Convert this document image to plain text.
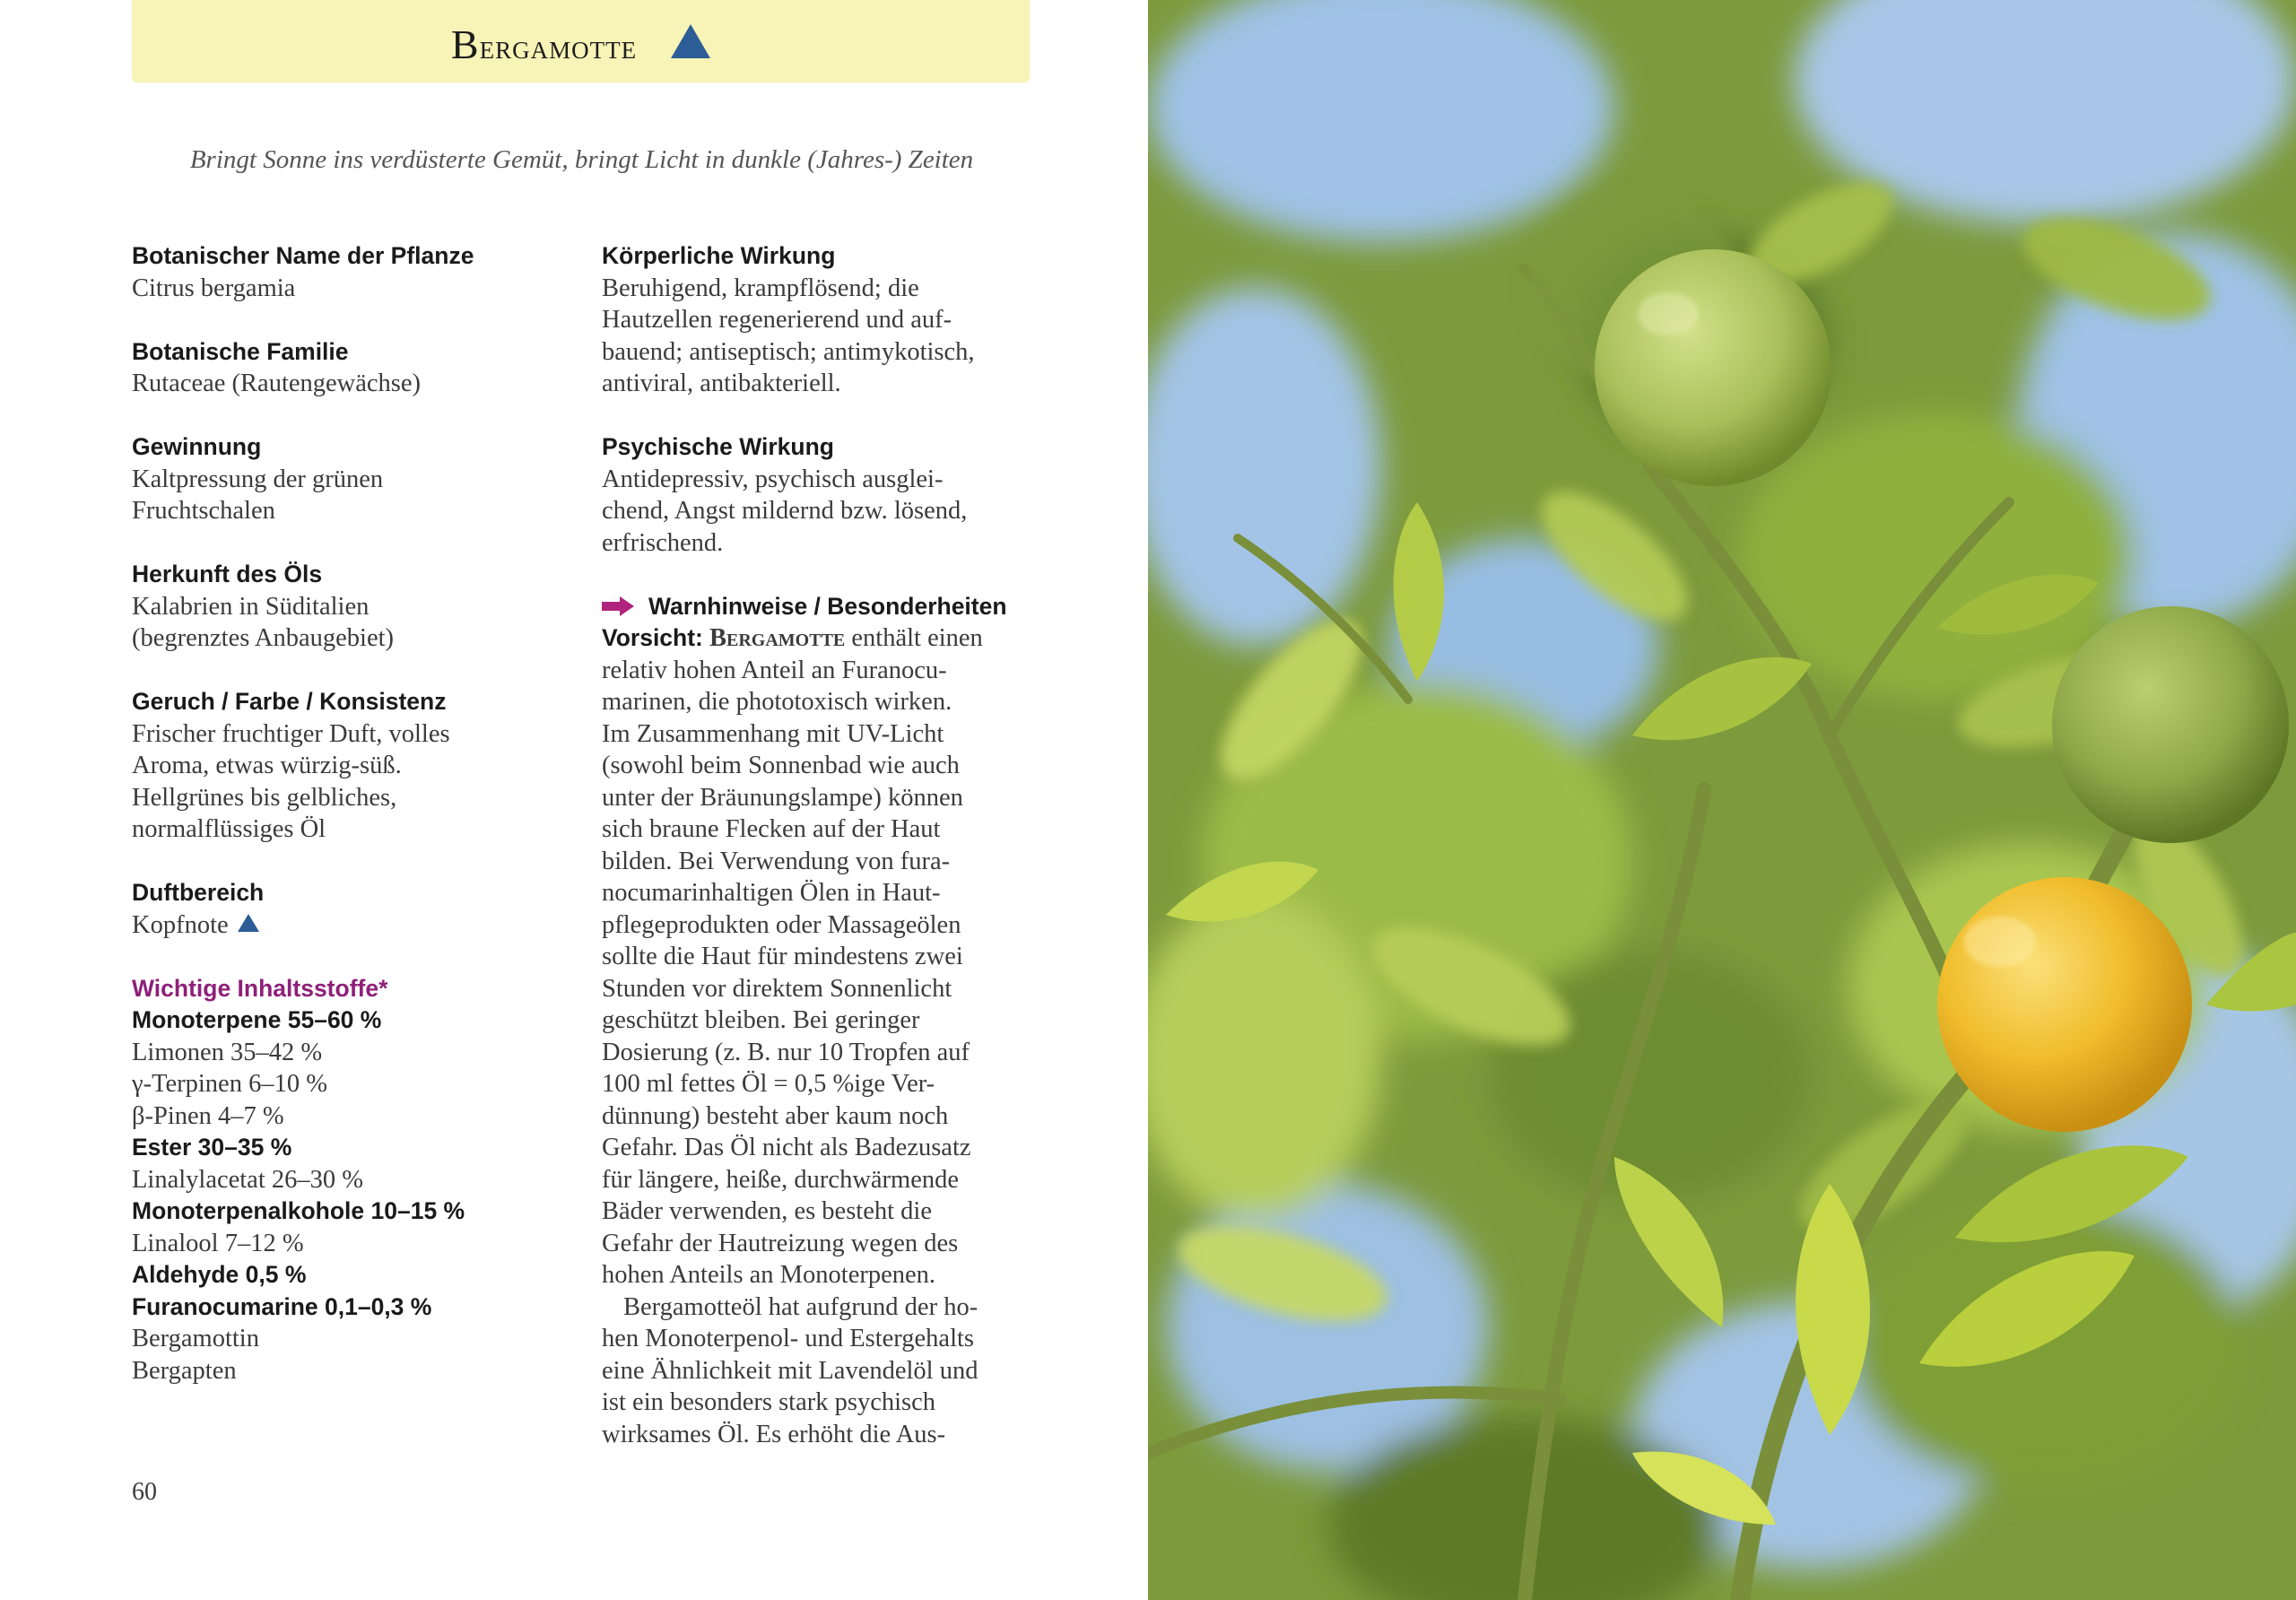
Bergamotte
Bringt Sonne ins verdüsterte Gemüt, bringt Licht in dunkle (Jahres-) Zeiten
Botanischer Name der Pflanze
Citrus bergamia
Botanische Familie
Rutaceae (Rautengewächse)
Gewinnung
Kaltpressung der grünen
Fruchtschalen
Herkunft des Öls
Kalabrien in Süditalien
(begrenztes Anbaugebiet)
Geruch / Farbe / Konsistenz
Frischer fruchtiger Duft, volles
Aroma, etwas würzig-süß.
Hellgrünes bis gelbliches,
normalflüssiges Öl
Duftbereich
Kopfnote
Wichtige Inhaltsstoffe*
Monoterpene 55–60 %
Limonen 35–42 %
γ-Terpinen 6–10 %
β-Pinen 4–7 %
Ester 30–35 %
Linalylacetat 26–30 %
Monoterpenalkohole 10–15 %
Linalool 7–12 %
Aldehyde 0,5 %
Furanocumarine 0,1–0,3 %
Bergamottin
Bergapten
Körperliche Wirkung
Beruhigend, krampflösend; die
Hautzellen regenerierend und auf-
bauend; antiseptisch; antimykotisch,
antiviral, antibakteriell.
Psychische Wirkung
Antidepressiv, psychisch ausglei-
chend, Angst mildernd bzw. lösend,
erfrischend.
Warnhinweise / Besonderheiten
Vorsicht: Bergamotte enthält einen
relativ hohen Anteil an Furanocu-
marinen, die phototoxisch wirken.
Im Zusammenhang mit UV-Licht
(sowohl beim Sonnenbad wie auch
unter der Bräunungslampe) können
sich braune Flecken auf der Haut
bilden. Bei Verwendung von fura-
nocumarinhaltigen Ölen in Haut-
pflegeprodukten oder Massageölen
sollte die Haut für mindestens zwei
Stunden vor direktem Sonnenlicht
geschützt bleiben. Bei geringer
Dosierung (z. B. nur 10 Tropfen auf
100 ml fettes Öl = 0,5 %ige Ver-
dünnung) besteht aber kaum noch
Gefahr. Das Öl nicht als Badezusatz
für längere, heiße, durchwärmende
Bäder verwenden, es besteht die
Gefahr der Hautreizung wegen des
hohen Anteils an Monoterpenen.
Bergamotteöl hat aufgrund der ho-
hen Monoterpenol- und Estergehalts
eine Ähnlichkeit mit Lavendelöl und
ist ein besonders stark psychisch
wirksames Öl. Es erhöht die Aus-
60
